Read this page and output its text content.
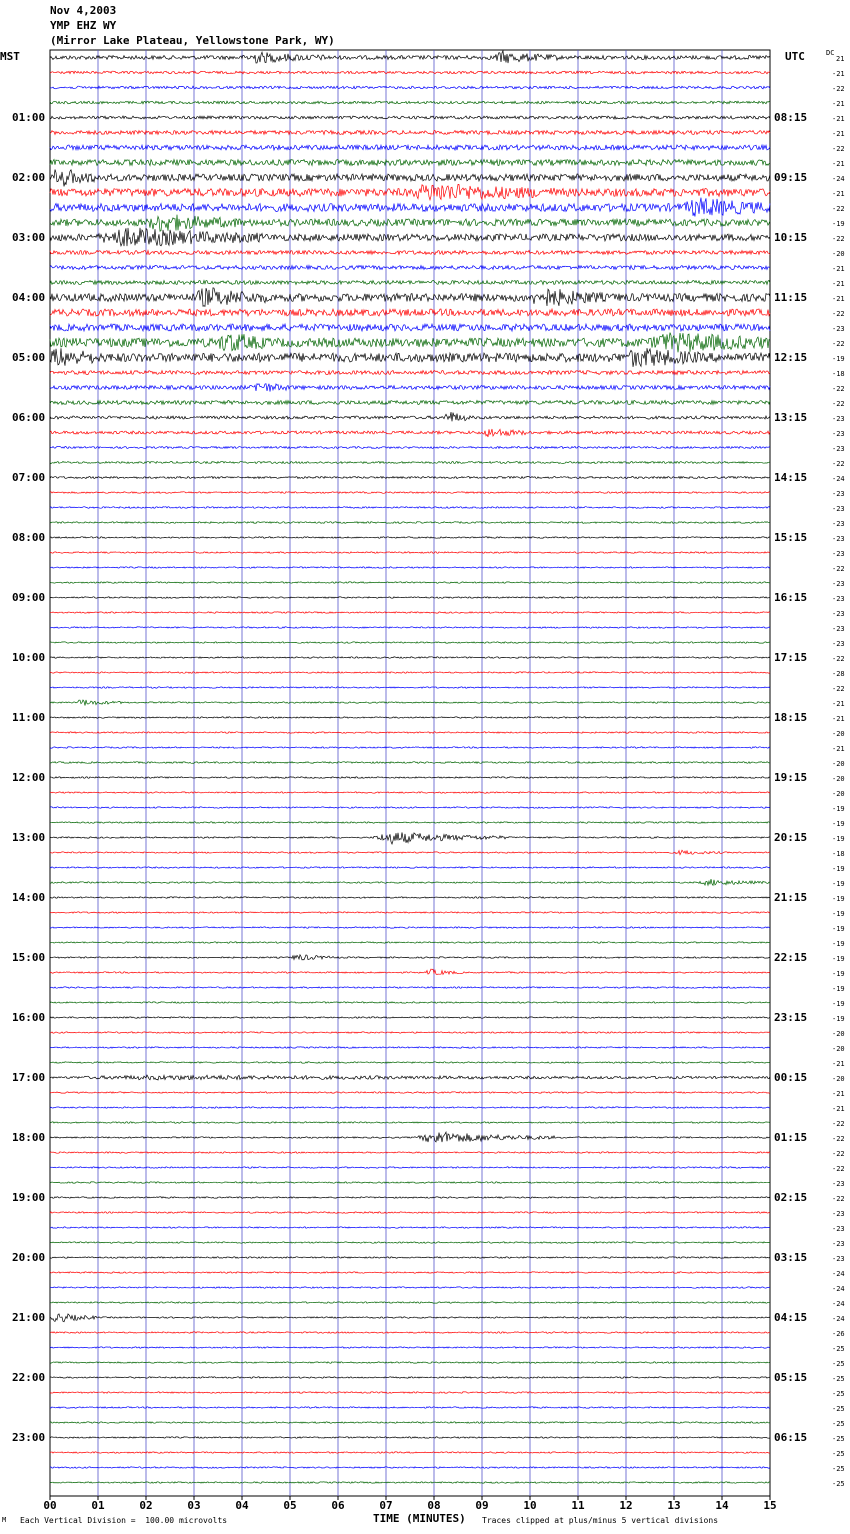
00	01	02	03	04	05	06	07	08	09	10	11	12	13	14	15
Nov 4,2003
YMP EHZ WY
(Mirror Lake Plateau, Yellowstone Park, WY)
MST	UTC	DC
01:00
02:00
03:00
04:00
05:00
06:00
07:00
08:00
09:00
10:00
11:00
12:00
13:00
14:00
15:00
16:00
17:00
18:00
19:00
20:00
21:00
22:00
23:00
08:15
09:15
10:15
11:15
12:15
13:15
14:15
15:15
16:15
17:15
18:15
19:15
20:15
21:15
22:15
23:15
00:15
01:15
02:15
03:15
04:15
05:15
06:15
21
-21
-22
-21
-21
-21
-22
-21
-24
-21
-22
-19
-22
-20
-21
-21
-21
-22
-23
-22
-19
-18
-22
-22
-23
-23
-23
-22
-24
-23
-23
-23
-23
-23
-22
-23
-23
-23
-23
-23
-22
-28
-22
-21
-21
-20
-21
-20
-20
-20
-19
-19
-19
-18
-19
-19
-19
-19
-19
-19
-19
-19
-19
-19
-19
-20
-20
-21
-20
-21
-21
-22
-22
-22
-22
-23
-22
-23
-23
-23
-23
-24
-24
-24
-24
-26
-25
-25
-25
-25
-25
-25
-25
-25
-25
-25
M Each Vertical Division =  100.00 microvolts	TIME (MINUTES) Traces clipped at plus/minus 5 vertical divisions
